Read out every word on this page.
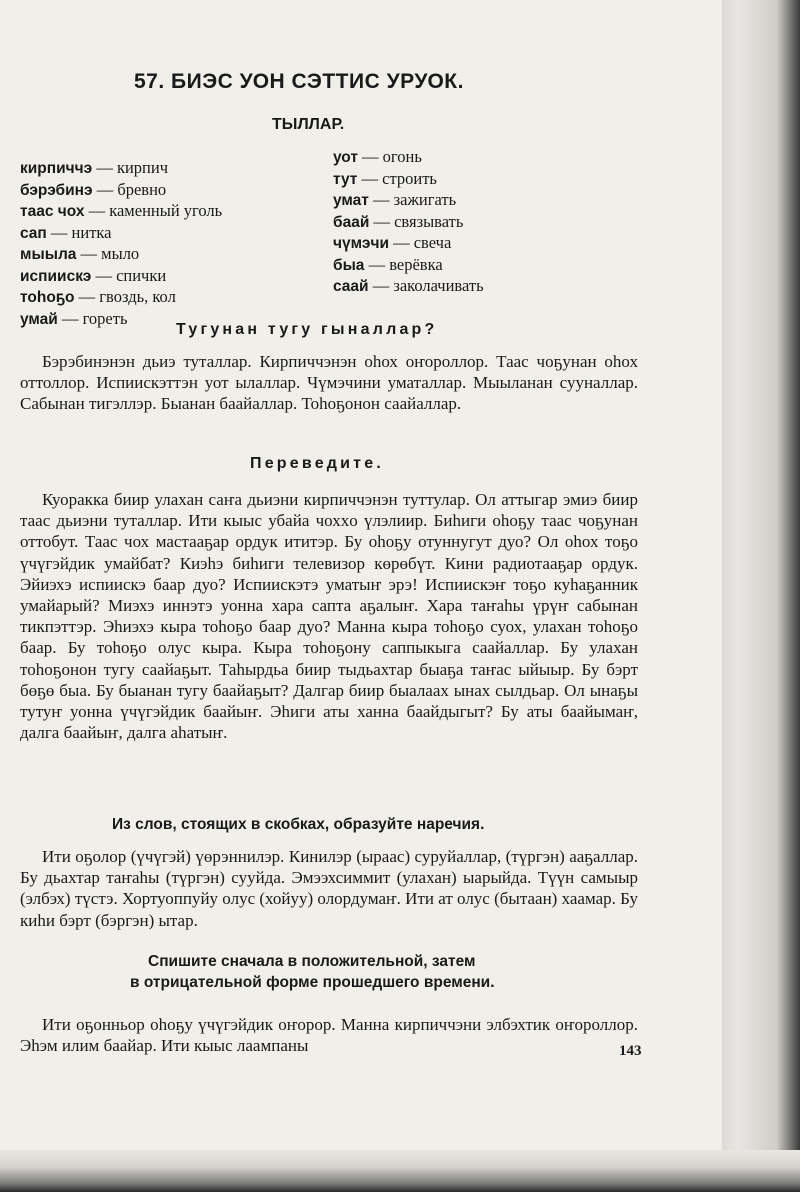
57. БИЭС УОН СЭТТИС УРУОК.
ТЫЛЛАР.
кирпиччэ — кирпич
бэрэбинэ — бревно
таас чох — каменный уголь
сап — нитка
мыыла — мыло
испиискэ — спички
тоһоҕо — гвоздь, кол
умай — гореть
уот — огонь
тут — строить
умат — зажигать
баай — связывать
чүмэчи — свеча
быа — верёвка
саай — заколачивать
Тугунан тугу гыналлар?

Бэрэбинэнэн дьиэ туталлар. Кирпиччэнэн оһох оҥороллор. Таас чоҕунан оһох оттоллор. Испиискэттэн уот ылаллар. Чүмэчини уматаллар. Мыыланан сууналлар. Сабынан тигэллэр. Быанан баайаллар. Тоһоҕонон саайаллар.

Переведите.

Куоракка биир улахан саҥа дьиэни кирпиччэнэн туттулар. Ол аттыгар эмиэ биир таас дьиэни туталлар. Ити кыыс убайа чохxо үлэлиир. Биһиги оһоҕу таас чоҕунан оттобут. Таас чох мастааҕар ордук ититэр. Бу оһоҕу отуннугут дуо? Ол оһох тоҕо үчүгэйдик умайбат? Киэһэ биһиги телевизор көрөбүт. Кини радиотааҕар ордук. Эйиэхэ испиискэ баар дуо? Испиискэтэ уматыҥ эрэ! Испиискэҥ тоҕо куһаҕанник умайарый? Миэхэ иннэтэ уонна хара сапта аҕалыҥ. Хара таҥаһы үрүҥ сабынан тикпэттэр. Эһиэхэ кыра тоһоҕо баар дуо? Манна кыра тоһоҕо суох, улахан тоһоҕо баар. Бу тоһоҕо олус кыра. Кыра тоһоҕону саппыкыга саайаллар. Бу улахан тоһоҕонон тугу саайаҕыт. Таһырдьа биир тыдьахтар быаҕа таҥас ыйыыр. Бу бэрт бөҕө быа. Бу быанан тугу баайаҕыт? Далгар биир быалаах ынах сылдьар. Ол ынаҕы тутуҥ уонна үчүгэйдик баайыҥ. Эһиги аты ханна баайдыгыт? Бу аты баайымаҥ, далга баайыҥ, далга аһатыҥ.

Из слов, стоящих в скобках, образуйте наречия.

Ити оҕолор (үчүгэй) үөрэннилэр. Кинилэр (ыраас) суруйаллар, (түргэн) ааҕаллар. Бу дьахтар таҥаһы (түргэн) сууйда. Эмээхсиммит (улахан) ыарыйда. Түүн самыыр (элбэх) түстэ. Хортуоппуйу олус (хойуу) олордумаҥ. Ити ат олус (бытаан) хаамар. Бу киһи бэрт (бэргэн) ытар.

Спишите сначала в положительной, затем
в отрицательной форме прошедшего времени.

Ити оҕонньор оһоҕу үчүгэйдик оҥорор. Манна кирпиччэни элбэхтик оҥороллор. Эһэм илим баайар. Ити кыыс лаампаны	143
